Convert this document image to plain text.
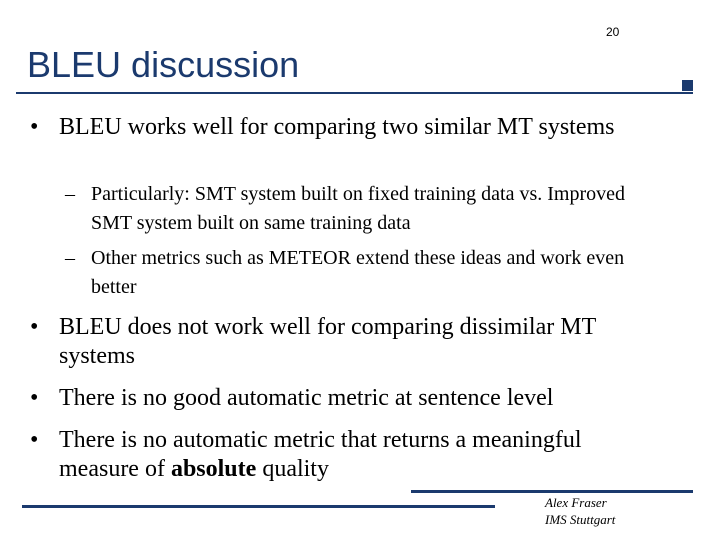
20
BLEU discussion
• BLEU works well for comparing two similar MT systems
– Particularly: SMT system built on fixed training data vs. Improved SMT system built on same training data
– Other metrics such as METEOR extend these ideas and work even better
• BLEU does not work well for comparing dissimilar MT systems
• There is no good automatic metric at sentence level
• There is no automatic metric that returns a meaningful measure of absolute quality
Alex Fraser
IMS Stuttgart
